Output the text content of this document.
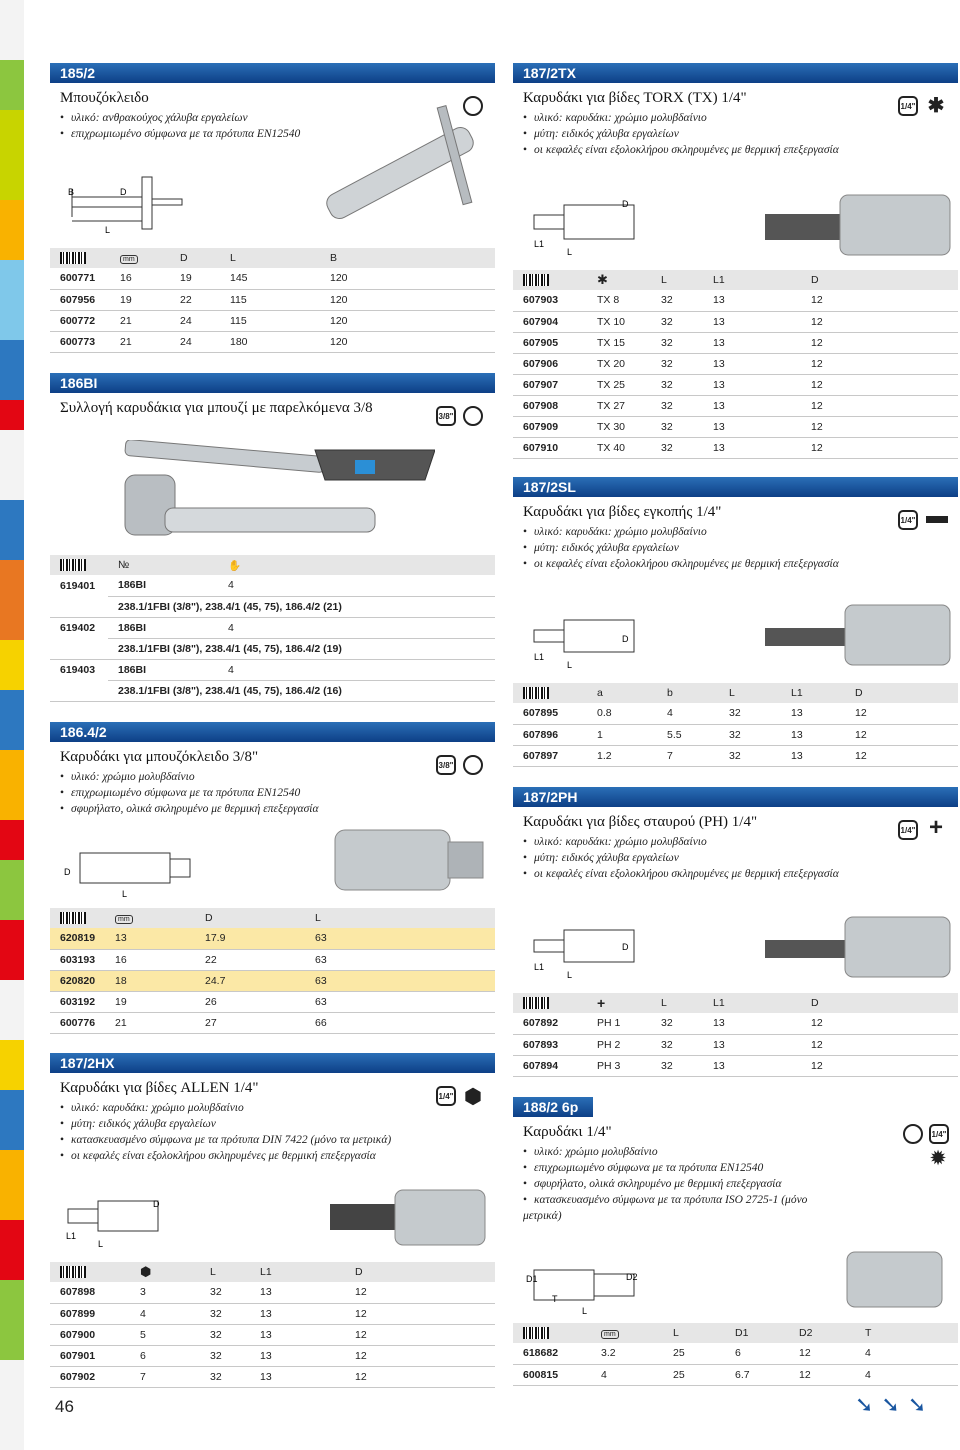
185/2
Μπουζόκλειδο
• υλικό: ανθρακούχος χάλυβα εργαλείων
• επιχρωμιωμένο σύμφωνα με τα πρότυπα EN12540
B	D
L
	mm	D	L	B
600771	16	19	145	120
607956	19	22	115	120
600772	21	24	115	120
600773	21	24	180	120
186BI
Συλλογή καρυδάκια για μπουζί με παρελκόμενα 3/8	3/8"
	№	✋
619401	186BI	4
	238.1/1FBI (3/8"), 238.4/1 (45, 75), 186.4/2 (21)	
619402	186BI	4
	238.1/1FBI (3/8"), 238.4/1 (45, 75), 186.4/2 (19)	
619403	186BI	4
	238.1/1FBI (3/8"), 238.4/1 (45, 75), 186.4/2 (16)	
186.4/2
Καρυδάκι για μπουζόκλειδο 3/8"
• υλικό: χρώμιο μολυβδαίνιο
• επιχρωμιωμένο σύμφωνα με τα πρότυπα EN12540
• σφυρήλατο, ολικά σκληρυμένο με θερμική επεξεργασία
3/8"
D
L
	mm	D	L
620819	13	17.9	63
603193	16	22	63
620820	18	24.7	63
603192	19	26	63
600776	21	27	66
187/2HX
Καρυδάκι για βίδες ALLEN 1/4"
• υλικό: καρυδάκι: χρώμιο μολυβδαίνιο
• μύτη: ειδικός χάλυβα εργαλείων
• κατασκευασμένο σύμφωνα με τα πρότυπα DIN 7422 (μόνο τα μετρικά)
• οι κεφαλές είναι εξολοκλήρου σκληρυμένες με θερμική επεξεργασία
1/4" ⬢
D
L1
L
	⬢	L	L1	D
607898	3	32	13	12
607899	4	32	13	12
607900	5	32	13	12
607901	6	32	13	12
607902	7	32	13	12
46
187/2TX
Καρυδάκι για βίδες TORX (TX) 1/4"
• υλικό: καρυδάκι: χρώμιο μολυβδαίνιο
• μύτη: ειδικός χάλυβα εργαλείων
• οι κεφαλές είναι εξολοκλήρου σκληρυμένες με θερμική επεξεργασία
1/4" ✱
D
L1
L
	✱	L	L1	D
607903	TX 8	32	13	12
607904	TX 10	32	13	12
607905	TX 15	32	13	12
607906	TX 20	32	13	12
607907	TX 25	32	13	12
607908	TX 27	32	13	12
607909	TX 30	32	13	12
607910	TX 40	32	13	12
187/2SL
Καρυδάκι για βίδες εγκοπής 1/4"
• υλικό: καρυδάκι: χρώμιο μολυβδαίνιο
• μύτη: ειδικός χάλυβα εργαλείων
• οι κεφαλές είναι εξολοκλήρου σκληρυμένες με θερμική επεξεργασία
1/4"
D
L1
L
	a	b	L	L1	D
607895	0.8	4	32	13	12
607896	1	5.5	32	13	12
607897	1.2	7	32	13	12
187/2PH
Καρυδάκι για βίδες σταυρού (PH) 1/4"
• υλικό: καρυδάκι: χρώμιο μολυβδαίνιο
• μύτη: ειδικός χάλυβα εργαλείων
• οι κεφαλές είναι εξολοκλήρου σκληρυμένες με θερμική επεξεργασία
1/4" +
D
L1
L
	+	L	L1	D
607892	PH 1	32	13	12
607893	PH 2	32	13	12
607894	PH 3	32	13	12
188/2 6p
Καρυδάκι 1/4"
• υλικό: χρώμιο μολυβδαίνιο
• επιχρωμιωμένο σύμφωνα με τα πρότυπα EN12540
• σφυρήλατο, ολικά σκληρυμένο με θερμική επεξεργασία
• κατασκευασμένο σύμφωνα με τα πρότυπα ISO 2725-1 (μόνο μετρικά)
1/4"
✹
D1	D2
T
L
	mm	L	D1	D2	T
618682	3.2	25	6	12	4
600815	4	25	6.7	12	4
➘➘➘
